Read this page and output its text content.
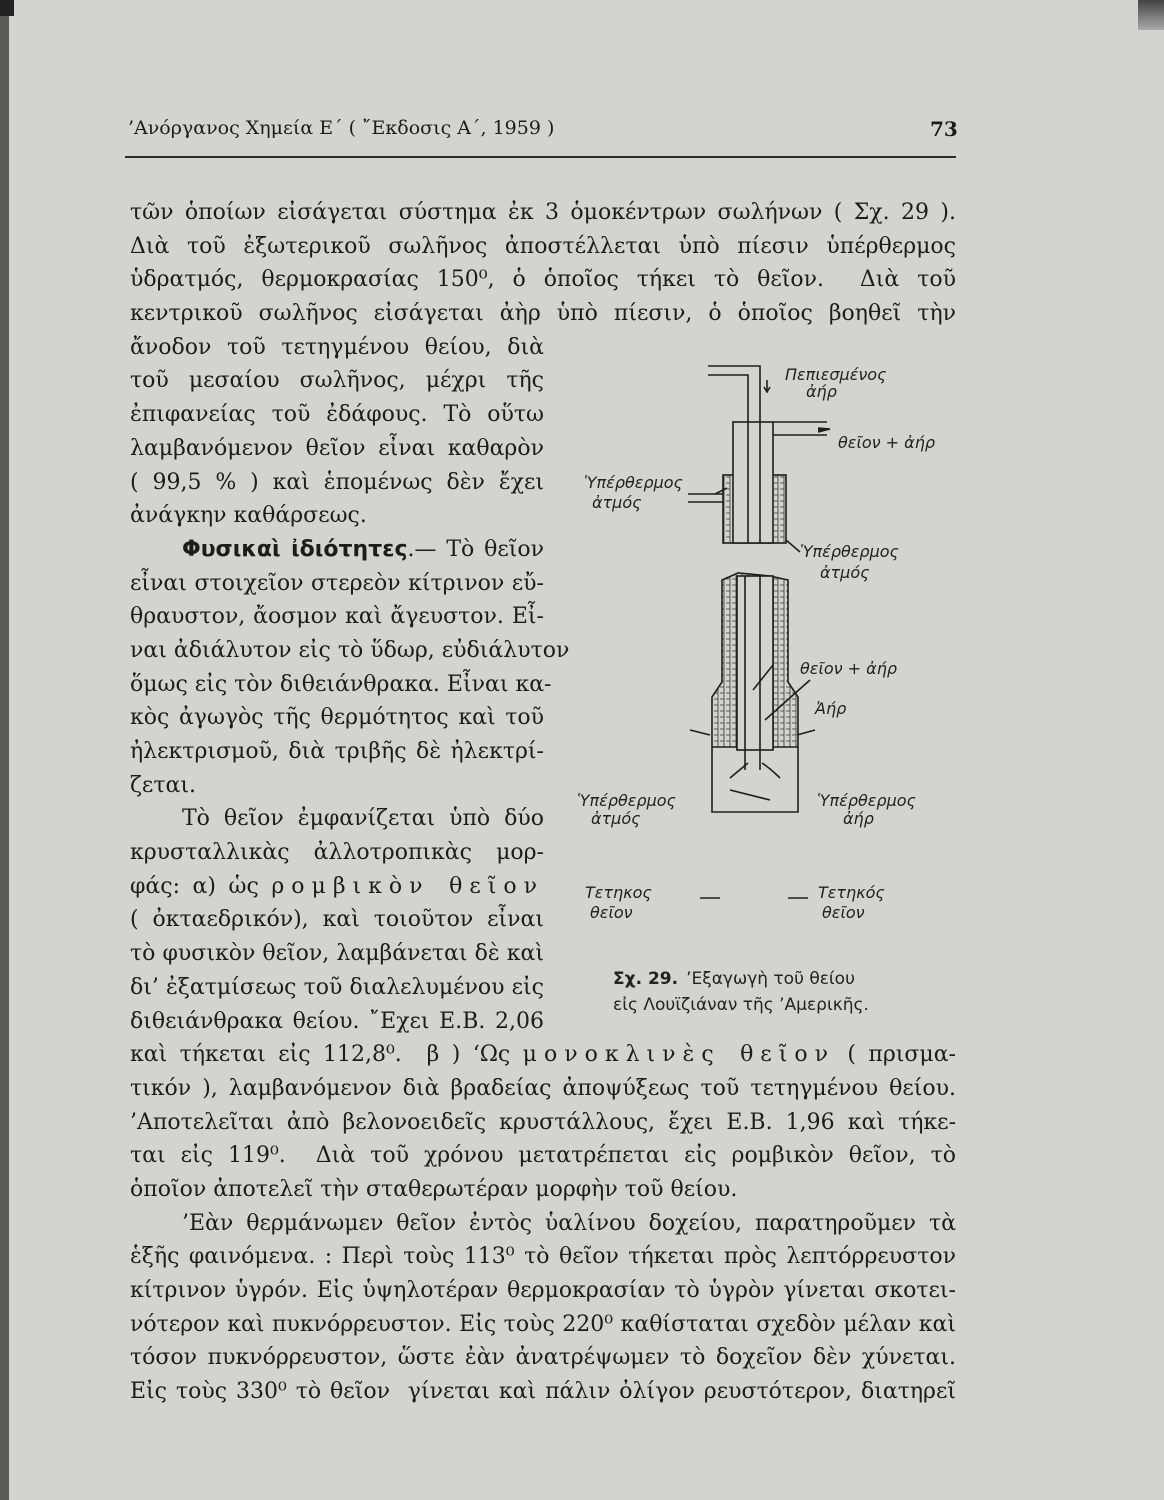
’Ανόργανος Χημεία Ε΄ ( ῎Εκδοσις Α΄, 1959 )	73
τῶν ὁποίων εἰσάγεται σύστημα ἐκ 3 ὁμοκέντρων σωλήνων ( Σχ. 29 ).
Διὰ τοῦ ἐξωτερικοῦ σωλῆνος ἀποστέλλεται ὑπὸ πίεσιν ὑπέρθερμος
ὑδρατμός, θερμοκρασίας 150⁰, ὁ ὁποῖος τήκει τὸ θεῖον.  Διὰ τοῦ
κεντρικοῦ σωλῆνος εἰσάγεται ἀὴρ ὑπὸ πίεσιν, ὁ ὁποῖος βοηθεῖ τὴν
ἄνοδον τοῦ τετηγμένου θείου, διὰ
τοῦ μεσαίου σωλῆνος, μέχρι τῆς
ἐπιφανείας τοῦ ἐδάφους. Τὸ οὕτω
λαμβανόμενον θεῖον εἶναι καθαρὸν
( 99,5 % ) καὶ ἑπομένως δὲν ἔχει
ἀνάγκην καθάρσεως.
Φυσικαὶ ἰδιότητες.— Τὸ θεῖον
εἶναι στοιχεῖον στερεὸν κίτρινον εὔ-
θραυστον, ἄοσμον καὶ ἄγευστον. Εἶ-
ναι ἀδιάλυτον εἰς τὸ ὕδωρ, εὐδιάλυτον
ὅμως εἰς τὸν διθειάνθρακα. Εἶναι κα-
κὸς ἀγωγὸς τῆς θερμότητος καὶ τοῦ
ἠλεκτρισμοῦ, διὰ τριβῆς δὲ ἠλεκτρί-
ζεται.
Τὸ θεῖον ἐμφανίζεται ὑπὸ δύο
κρυσταλλικὰς ἀλλοτροπικὰς μορ-
φάς: α) ὡς ρομβικὸν θεῖον
( ὀκταεδρικόν), καὶ τοιοῦτον εἶναι
τὸ φυσικὸν θεῖον, λαμβάνεται δὲ καὶ
δι’ ἐξατμίσεως τοῦ διαλελυμένου εἰς
διθειάνθρακα θείου. ῎Εχει Ε.Β. 2,06
καὶ τήκεται εἰς 112,8⁰.  β ) ‘Ως μονοκλινὲς θεῖον ( πρισμα-
τικόν ), λαμβανόμενον διὰ βραδείας ἀποψύξεως τοῦ τετηγμένου θείου.
’Αποτελεῖται ἀπὸ βελονοειδεῖς κρυστάλλους, ἔχει Ε.Β. 1,96 καὶ τήκε-
ται εἰς 119⁰.  Διὰ τοῦ χρόνου μετατρέπεται εἰς ρομβικὸν θεῖον, τὸ
ὁποῖον ἀποτελεῖ τὴν σταθερωτέραν μορφὴν τοῦ θείου.
’Εὰν θερμάνωμεν θεῖον ἐντὸς ὑαλίνου δοχείου, παρατηροῦμεν τὰ
ἑξῆς φαινόμενα. : Περὶ τοὺς 113⁰ τὸ θεῖον τήκεται πρὸς λεπτόρρευστον
κίτρινον ὑγρόν. Εἰς ὑψηλοτέραν θερμοκρασίαν τὸ ὑγρὸν γίνεται σκοτει-
νότερον καὶ πυκνόρρευστον. Εἰς τοὺς 220⁰ καθίσταται σχεδὸν μέλαν καὶ
τόσον πυκνόρρευστον, ὥστε ἐὰν ἀνατρέψωμεν τὸ δοχεῖον δὲν χύνεται.
Εἰς τοὺς 330⁰ τὸ θεῖον  γίνεται καὶ πάλιν ὀλίγον ρευστότερον, διατηρεῖ
Πεπιεσμένος
ἀήρ
θεῖον + ἀήρ
Ὑπέρθερμος
ἀτμός
Ὑπέρθερμος
ἀτμός
θεῖον + ἀήρ
Ἀήρ
Ὑπέρθερμος
ἀτμός
Ὑπέρθερμος
ἀήρ
Τετηκος
θεῖον
Τετηκός
θεῖον
Σχ. 29. ’Εξαγωγὴ τοῦ θείου
εἰς Λουϊζιάναν τῆς ’Αμερικῆς.
